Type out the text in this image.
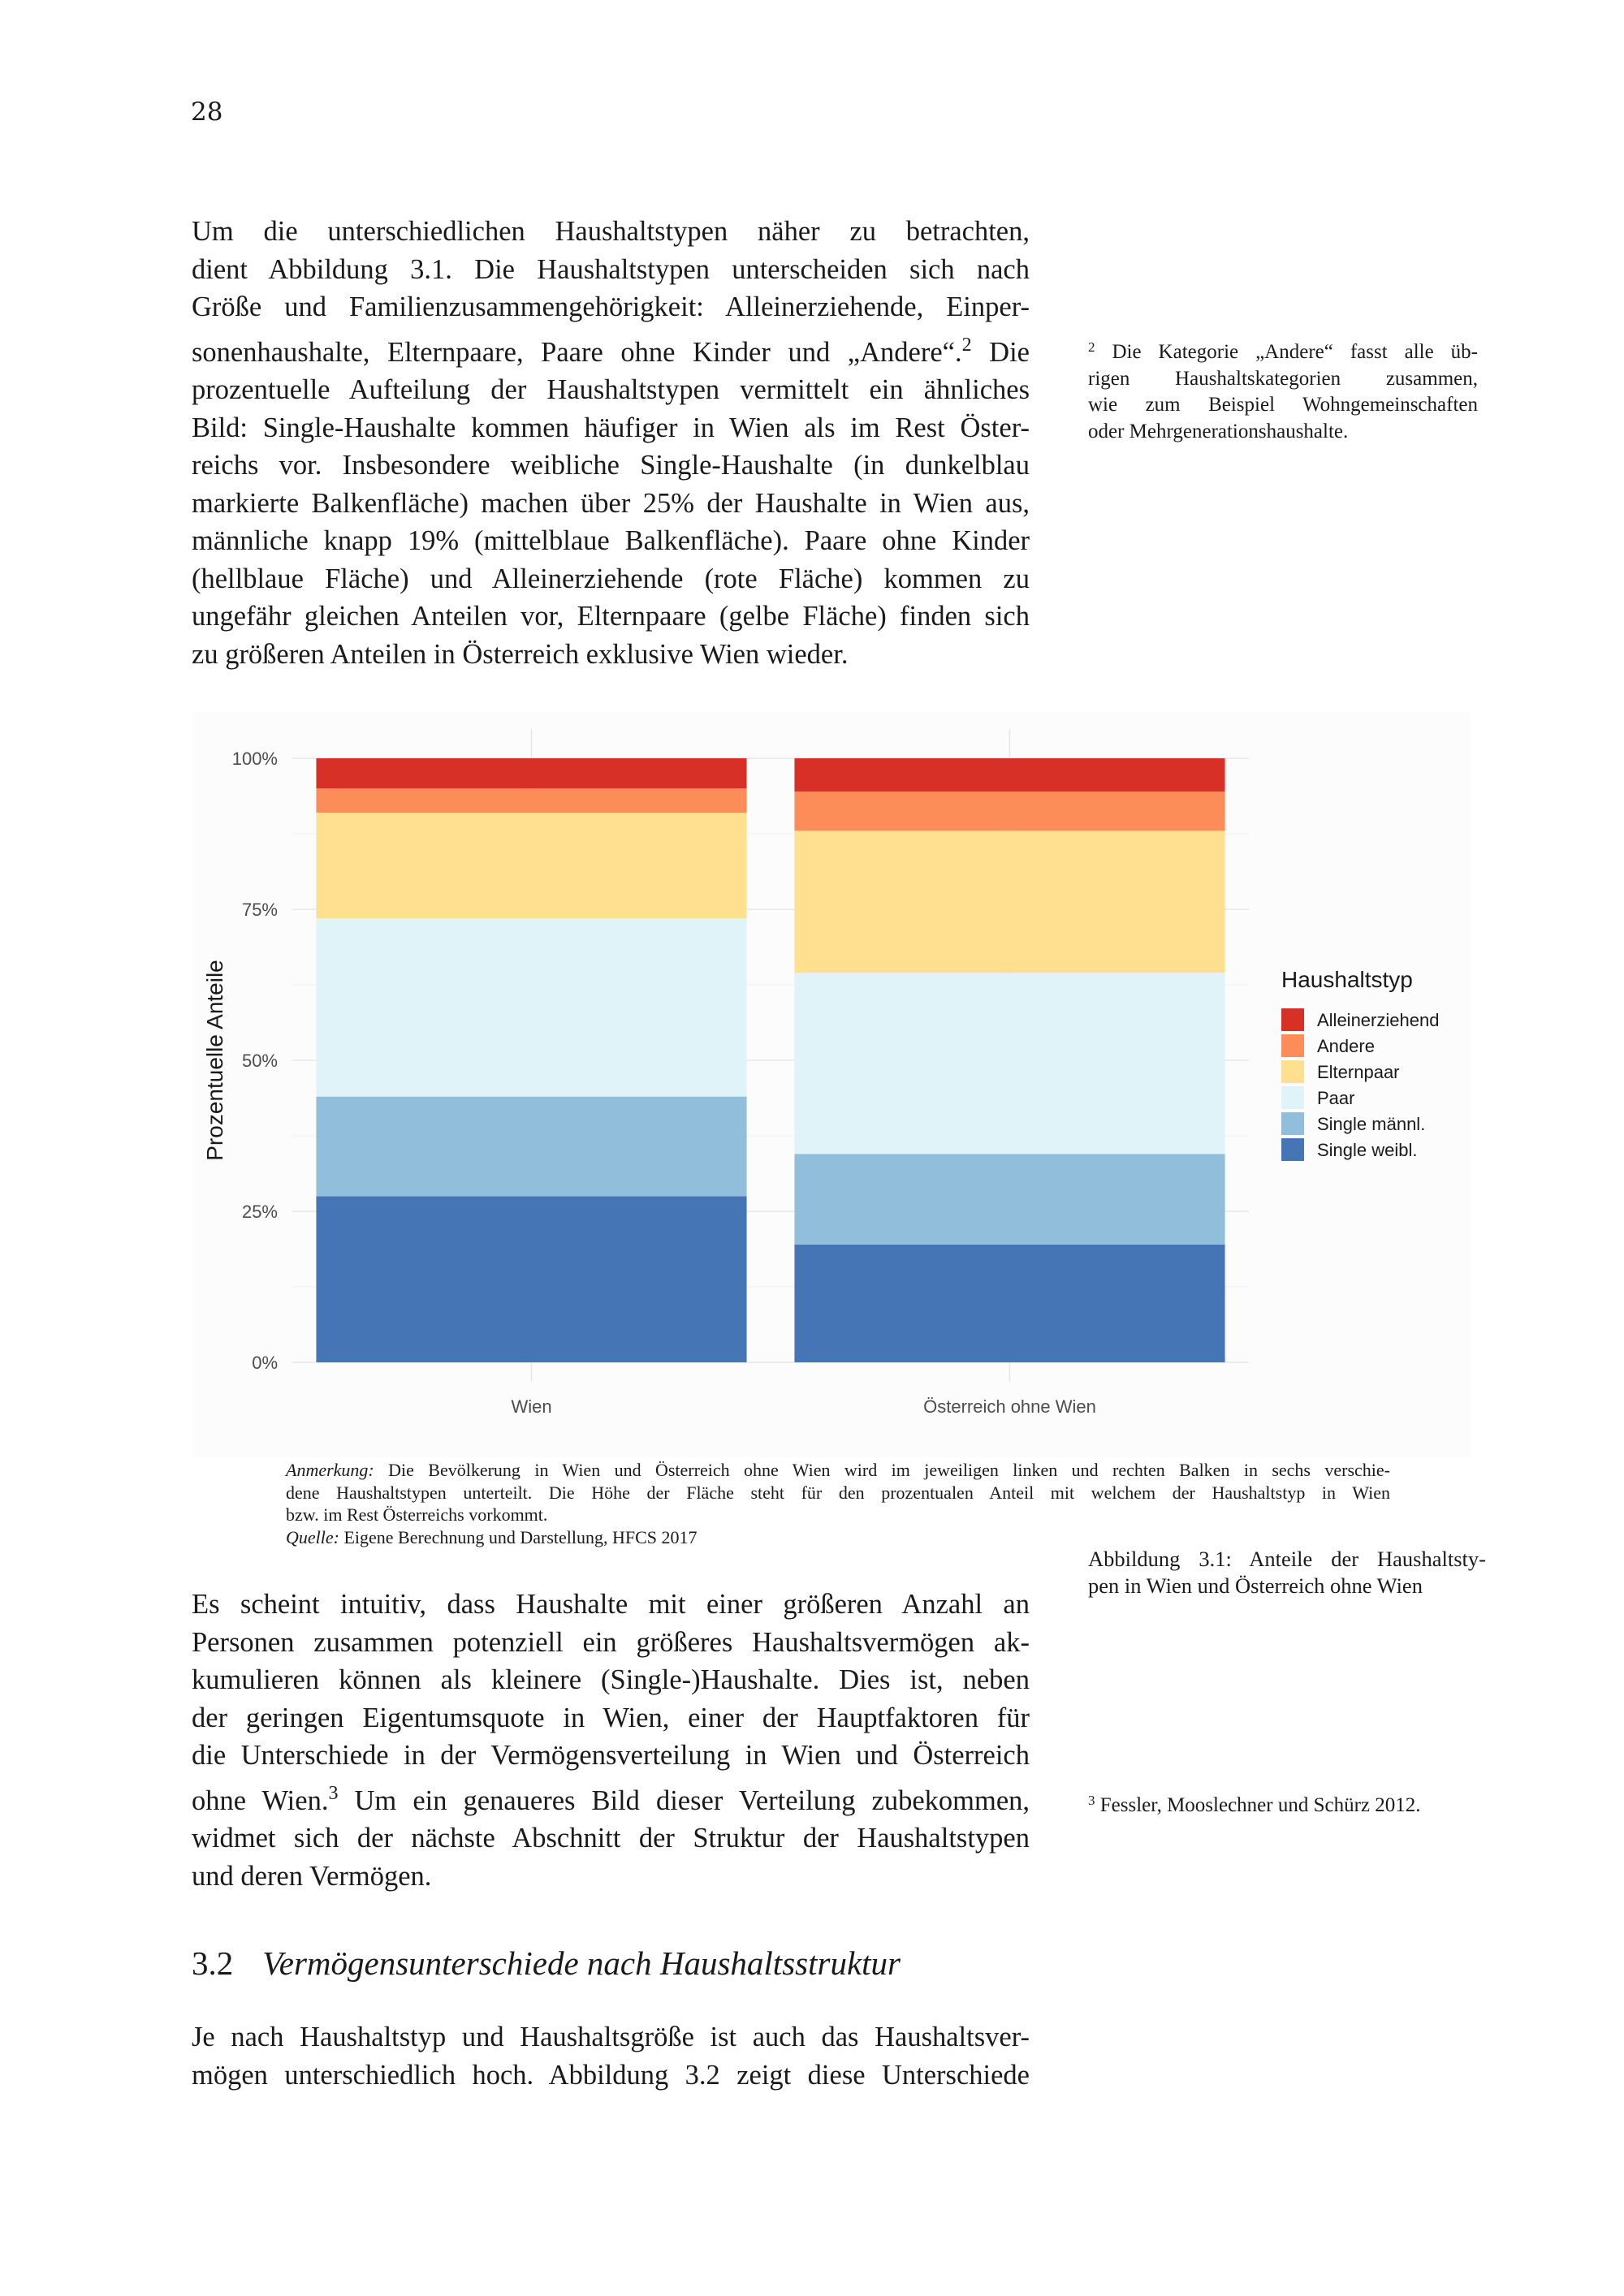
28

Um die unterschiedlichen Haushaltstypen näher zu betrachten,
dient Abbildung 3.1. Die Haushaltstypen unterscheiden sich nach
Größe und Familienzusammengehörigkeit: Alleinerziehende, Einper-
sonenhaushalte, Elternpaare, Paare ohne Kinder und „Andere“.$^2$ Die
prozentuelle Aufteilung der Haushaltstypen vermittelt ein ähnliches
Bild: Single-Haushalte kommen häufiger in Wien als im Rest Öster-
reichs vor. Insbesondere weibliche Single-Haushalte (in dunkelblau
markierte Balkenfläche) machen über 25% der Haushalte in Wien aus,
männliche knapp 19% (mittelblaue Balkenfläche). Paare ohne Kinder
(hellblaue Fläche) und Alleinerziehende (rote Fläche) kommen zu
ungefähr gleichen Anteilen vor, Elternpaare (gelbe Fläche) finden sich
zu größeren Anteilen in Österreich exklusive Wien wieder.

$^2$ Die Kategorie „Andere“ fasst alle üb-
rigen Haushaltskategorien zusammen,
wie zum Beispiel Wohngemeinschaften
oder Mehrgenerationshaushalte.

0%
25%
50%
75%
100%
Wien	Österreich ohne Wien
Prozentuelle Anteile	Haushaltstyp
Alleinerziehend
Andere
Elternpaar
Paar
Single männl.
Single weibl.
Anmerkung: Die Bevölkerung in Wien und Österreich ohne Wien wird im jeweiligen linken und rechten Balken in sechs verschie-
dene Haushaltstypen unterteilt. Die Höhe der Fläche steht für den prozentualen Anteil mit welchem der Haushaltstyp in Wien
bzw. im Rest Österreichs vorkommt.
Quelle: Eigene Berechnung und Darstellung, HFCS 2017

Abbildung 3.1: Anteile der Haushaltsty-
pen in Wien und Österreich ohne Wien

Es scheint intuitiv, dass Haushalte mit einer größeren Anzahl an
Personen zusammen potenziell ein größeres Haushaltsvermögen ak-
kumulieren können als kleinere (Single-)Haushalte. Dies ist, neben
der geringen Eigentumsquote in Wien, einer der Hauptfaktoren für
die Unterschiede in der Vermögensverteilung in Wien und Österreich
ohne Wien.$^3$ Um ein genaueres Bild dieser Verteilung zubekommen,
widmet sich der nächste Abschnitt der Struktur der Haushaltstypen
und deren Vermögen.

$^3$ Fessler, Mooslechner und Schürz 2012.

3.2 Vermögensunterschiede nach Haushaltsstruktur

Je nach Haushaltstyp und Haushaltsgröße ist auch das Haushaltsver-
mögen unterschiedlich hoch. Abbildung 3.2 zeigt diese Unterschiede
